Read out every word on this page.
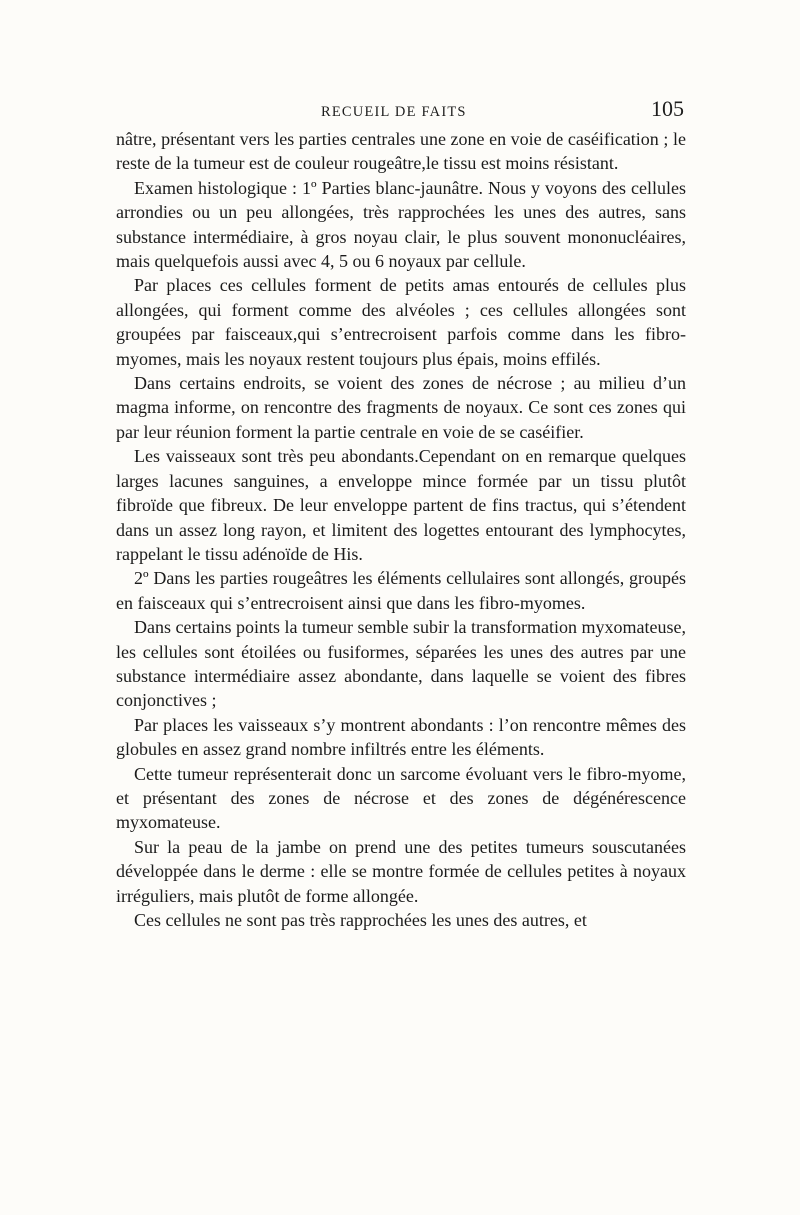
RECUEIL DE FAITS	105

nâtre, présentant vers les parties centrales une zone en voie de caséification ; le reste de la tumeur est de couleur rougeâtre,le tissu est moins résistant.

Examen histologique : 1º Parties blanc-jaunâtre. Nous y voyons des cellules arrondies ou un peu allongées, très rapprochées les unes des autres, sans substance intermédiaire, à gros noyau clair, le plus souvent mononucléaires, mais quelquefois aussi avec 4, 5 ou 6 noyaux par cellule.

Par places ces cellules forment de petits amas entourés de cellules plus allongées, qui forment comme des alvéoles ; ces cellules allongées sont groupées par faisceaux,qui s’entrecroisent parfois comme dans les fibro-myomes, mais les noyaux restent toujours plus épais, moins effilés.

Dans certains endroits, se voient des zones de nécrose ; au milieu d’un magma informe, on rencontre des fragments de noyaux. Ce sont ces zones qui par leur réunion forment la partie centrale en voie de se caséifier.

Les vaisseaux sont très peu abondants.Cependant on en remarque quelques larges lacunes sanguines, a enveloppe mince formée par un tissu plutôt fibroïde que fibreux. De leur enveloppe partent de fins tractus, qui s’étendent dans un assez long rayon, et limitent des logettes entourant des lymphocytes, rappelant le tissu adénoïde de His.

2º Dans les parties rougeâtres les éléments cellulaires sont allongés, groupés en faisceaux qui s’entrecroisent ainsi que dans les fibro-myomes.

Dans certains points la tumeur semble subir la transformation myxomateuse, les cellules sont étoilées ou fusiformes, séparées les unes des autres par une substance intermédiaire assez abondante, dans laquelle se voient des fibres conjonctives ;

Par places les vaisseaux s’y montrent abondants : l’on rencontre mêmes des globules en assez grand nombre infiltrés entre les éléments.

Cette tumeur représenterait donc un sarcome évoluant vers le fibro-myome, et présentant des zones de nécrose et des zones de dégénérescence myxomateuse.

Sur la peau de la jambe on prend une des petites tumeurs souscutanées développée dans le derme : elle se montre formée de cellules petites à noyaux irréguliers, mais plutôt de forme allongée.

Ces cellules ne sont pas très rapprochées les unes des autres, et
